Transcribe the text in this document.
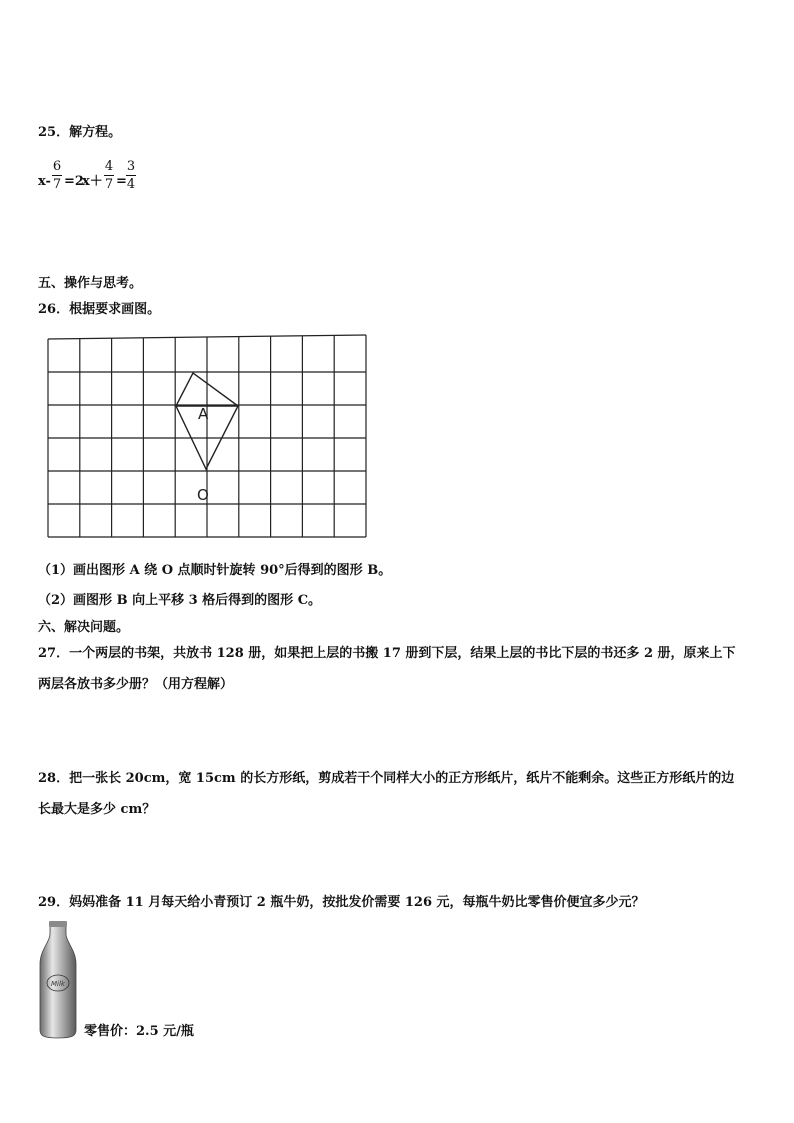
25．解方程。
x-
6
7 =2
x＋
4
7 =
3
4
五、操作与思考。
26．根据要求画图。
A
O
（1）画出图形 A 绕 O 点顺时针旋转 90°后得到的图形 B。
（2）画图形 B 向上平移 3 格后得到的图形 C。
六、解决问题。
27．一个两层的书架，共放书 128 册，如果把上层的书搬 17 册到下层，结果上层的书比下层的书还多 2 册，原来上下
两层各放书多少册？（用方程解）
28．把一张长 20cm，宽 15cm 的长方形纸，剪成若干个同样大小的正方形纸片，纸片不能剩余。这些正方形纸片的边
长最大是多少 cm？
29．妈妈准备 11 月每天给小青预订 2 瓶牛奶，按批发价需要 126 元，每瓶牛奶比零售价便宜多少元？
Milk
零售价：2.5 元/瓶
